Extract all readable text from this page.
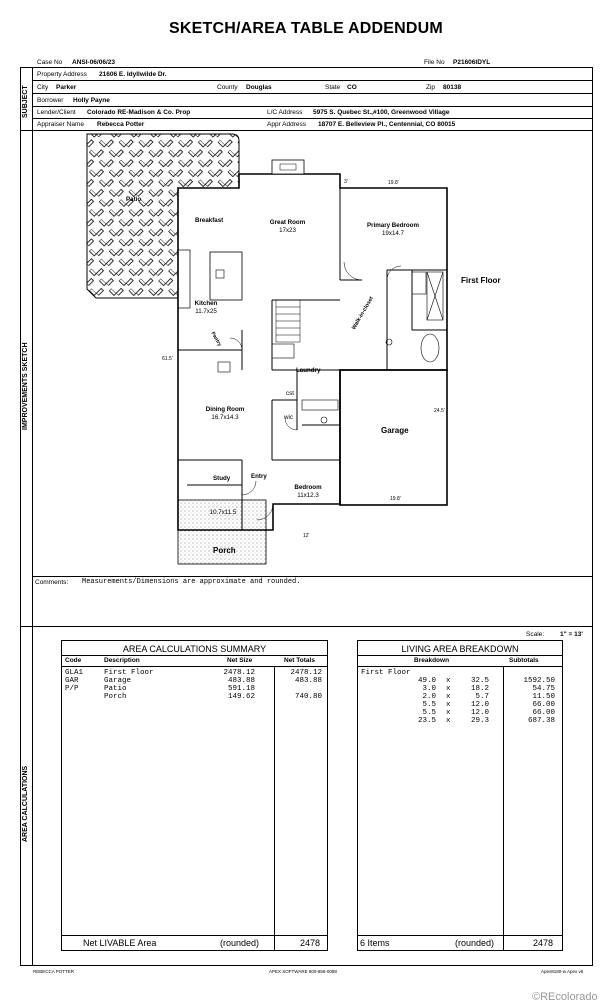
SKETCH/AREA TABLE ADDENDUM
Case No ANSI-06/06/23	File No P21606IDYL
SUBJECT
Property Address 21606 E. Idyllwilde Dr.
City Parker	County Douglas	State CO	Zip 80138
Borrower Holly Payne
Lender/Client Colorado RE-Madison & Co. Prop	L/C Address 5975 S. Quebec St.,#100, Greenwood Village
Appraiser Name Rebecca Potter	Appr Address 18707 E. Belleview Pl., Centennial, CO 80015
IMPROVEMENTS SKETCH
Patio
Breakfast	Great Room
17x23
Primary Bedroom
19x14.7
First Floor
Kitchen
11.7x25
Pantry
Walk-in-closet
Laundry
cst
wic
Dining Room
16.7x14.3
Garage
Study
10.7x11.5
Entry
Bedroom
11x12.3
Porch
3'	19.8'
61.5'
24.5'
19.8'
12'
Comments: Measurements/Dimensions are approximate and rounded.
AREA CALCULATIONS
Scale: 1" = 13'
AREA CALCULATIONS SUMMARY
Code	Description	Net Size	Net Totals
GLA1	First Floor	2478.12	2478.12
GAR	Garage	483.88	483.88
P/P	Patio	591.18
Porch	149.62	740.80
Net LIVABLE Area	(rounded)	2478
LIVING AREA BREAKDOWN
Breakdown	Subtotals
First Floor
49.0 x	32.5	1592.50
3.0 x	18.2	54.75
2.0 x	5.7	11.50
5.5 x	12.0	66.00
5.5 x	12.0	66.00
23.5 x	29.3	687.38
6 Items	(rounded)	2478
REBECCA POTTER	APEX SOFTWARE 800-856-0088	Apex8180-w Apex v5
©REcolorado
